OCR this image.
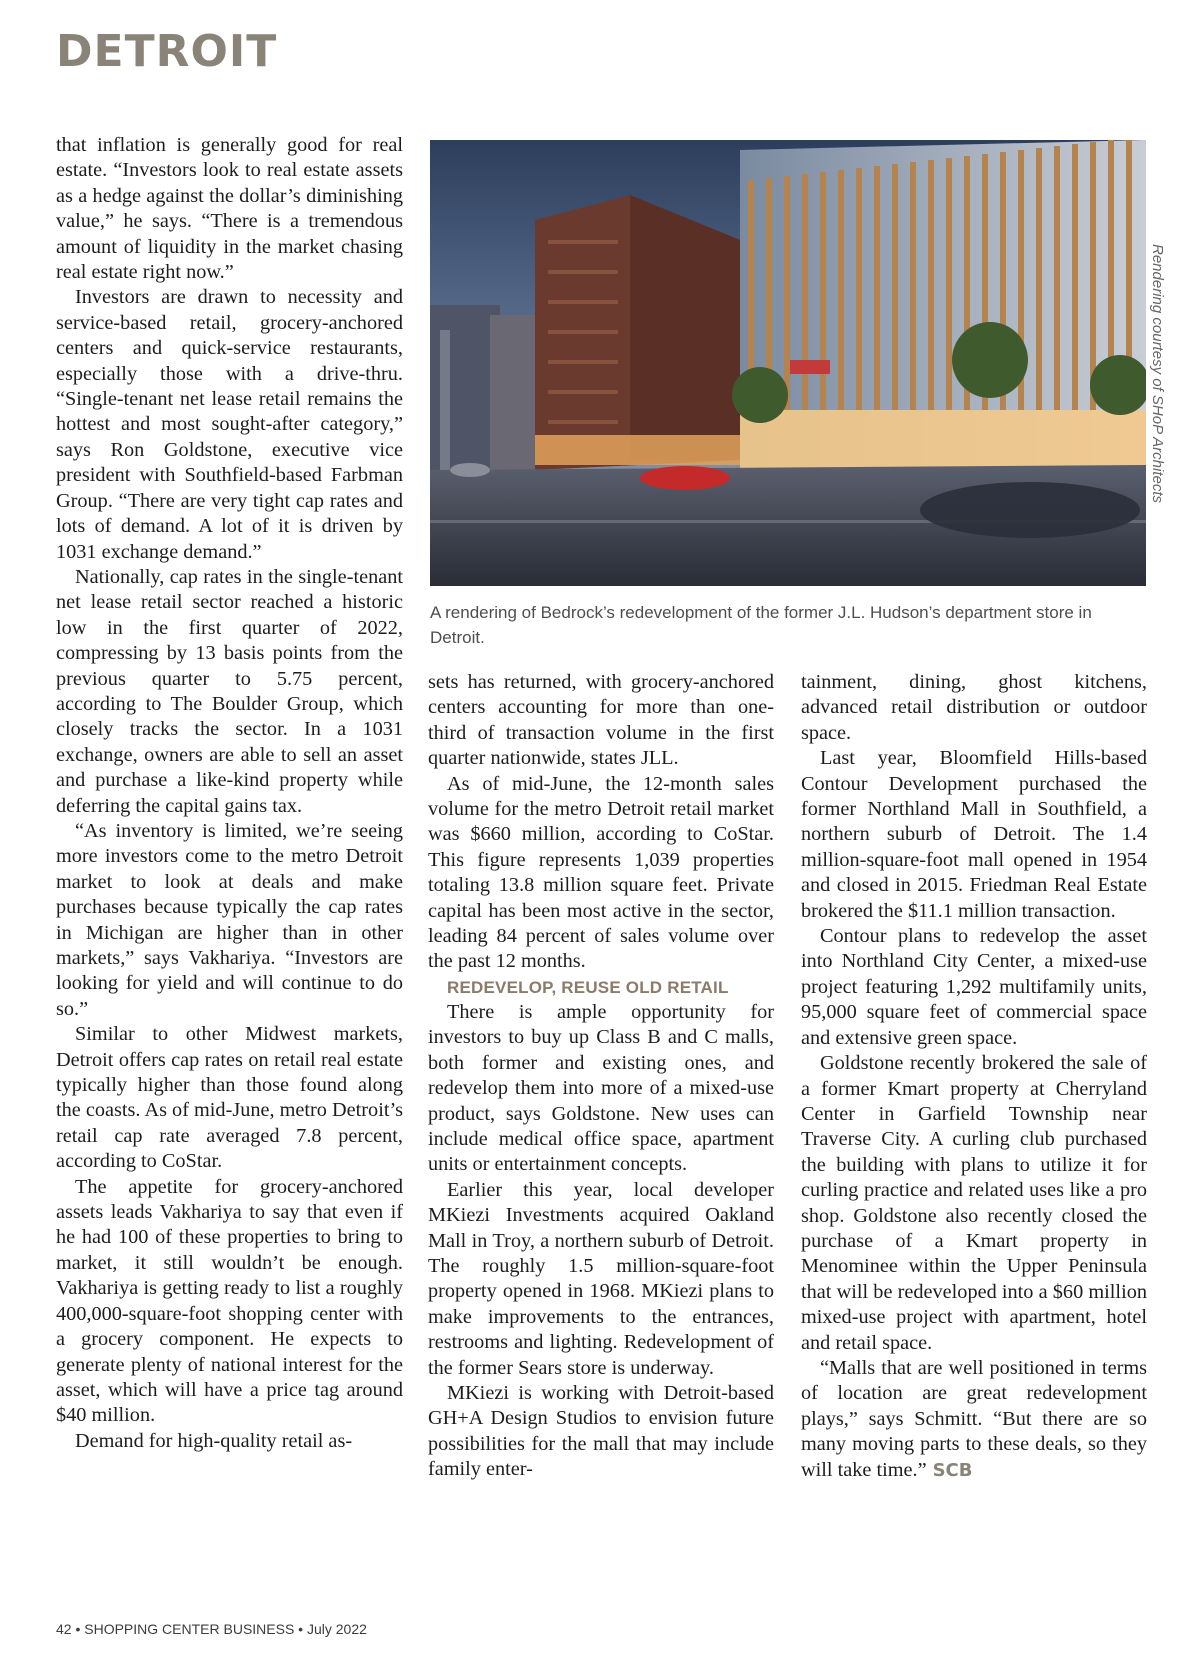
DETROIT
Rendering courtesy of SHoP Architects
A rendering of Bedrock’s redevelopment of the former J.L. Hudson’s department store in Detroit.

that inflation is generally good for real estate. “Investors look to real estate assets as a hedge against the dollar’s diminishing value,” he says. “There is a tremendous amount of liquidity in the market chasing real estate right now.”

Investors are drawn to necessity and service-based retail, grocery-anchored centers and quick-service restaurants, especially those with a drive-thru. “Single-tenant net lease retail remains the hottest and most sought-after category,” says Ron Goldstone, executive vice president with Southfield-based Farbman Group. “There are very tight cap rates and lots of demand. A lot of it is driven by 1031 exchange demand.”

Nationally, cap rates in the single-tenant net lease retail sector reached a historic low in the first quarter of 2022, compressing by 13 basis points from the previous quarter to 5.75 percent, according to The Boulder Group, which closely tracks the sector. In a 1031 exchange, owners are able to sell an asset and purchase a like-kind property while deferring the capital gains tax.

“As inventory is limited, we’re seeing more investors come to the metro Detroit market to look at deals and make purchases because typically the cap rates in Michigan are higher than in other markets,” says Vakhariya. “Investors are looking for yield and will continue to do so.”

Similar to other Midwest markets, Detroit offers cap rates on retail real estate typically higher than those found along the coasts. As of mid-June, metro Detroit’s retail cap rate averaged 7.8 percent, according to CoStar.

The appetite for grocery-anchored assets leads Vakhariya to say that even if he had 100 of these properties to bring to market, it still wouldn’t be enough. Vakhariya is getting ready to list a roughly 400,000-square-foot shopping center with a grocery component. He expects to generate plenty of national interest for the asset, which will have a price tag around $40 million.

Demand for high-quality retail as-

sets has returned, with grocery-anchored centers accounting for more than one-third of transaction volume in the first quarter nationwide, states JLL.

As of mid-June, the 12-month sales volume for the metro Detroit retail market was $660 million, according to CoStar. This figure represents 1,039 properties totaling 13.8 million square feet. Private capital has been most active in the sector, leading 84 percent of sales volume over the past 12 months.

REDEVELOP, REUSE OLD RETAIL

There is ample opportunity for investors to buy up Class B and C malls, both former and existing ones, and redevelop them into more of a mixed-use product, says Goldstone. New uses can include medical office space, apartment units or entertainment concepts.

Earlier this year, local developer MKiezi Investments acquired Oakland Mall in Troy, a northern suburb of Detroit. The roughly 1.5 million-square-foot property opened in 1968. MKiezi plans to make improvements to the entrances, restrooms and lighting. Redevelopment of the former Sears store is underway.

MKiezi is working with Detroit-based GH+A Design Studios to envision future possibilities for the mall that may include family enter-

tainment, dining, ghost kitchens, advanced retail distribution or outdoor space.

Last year, Bloomfield Hills-based Contour Development purchased the former Northland Mall in Southfield, a northern suburb of Detroit. The 1.4 million-square-foot mall opened in 1954 and closed in 2015. Friedman Real Estate brokered the $11.1 million transaction.

Contour plans to redevelop the asset into Northland City Center, a mixed-use project featuring 1,292 multifamily units, 95,000 square feet of commercial space and extensive green space.

Goldstone recently brokered the sale of a former Kmart property at Cherryland Center in Garfield Township near Traverse City. A curling club purchased the building with plans to utilize it for curling practice and related uses like a pro shop. Goldstone also recently closed the purchase of a Kmart property in Menominee within the Upper Peninsula that will be redeveloped into a $60 million mixed-use project with apartment, hotel and retail space.

“Malls that are well positioned in terms of location are great redevelopment plays,” says Schmitt. “But there are so many moving parts to these deals, so they will take time.” SCB

42 • SHOPPING CENTER BUSINESS • July 2022
